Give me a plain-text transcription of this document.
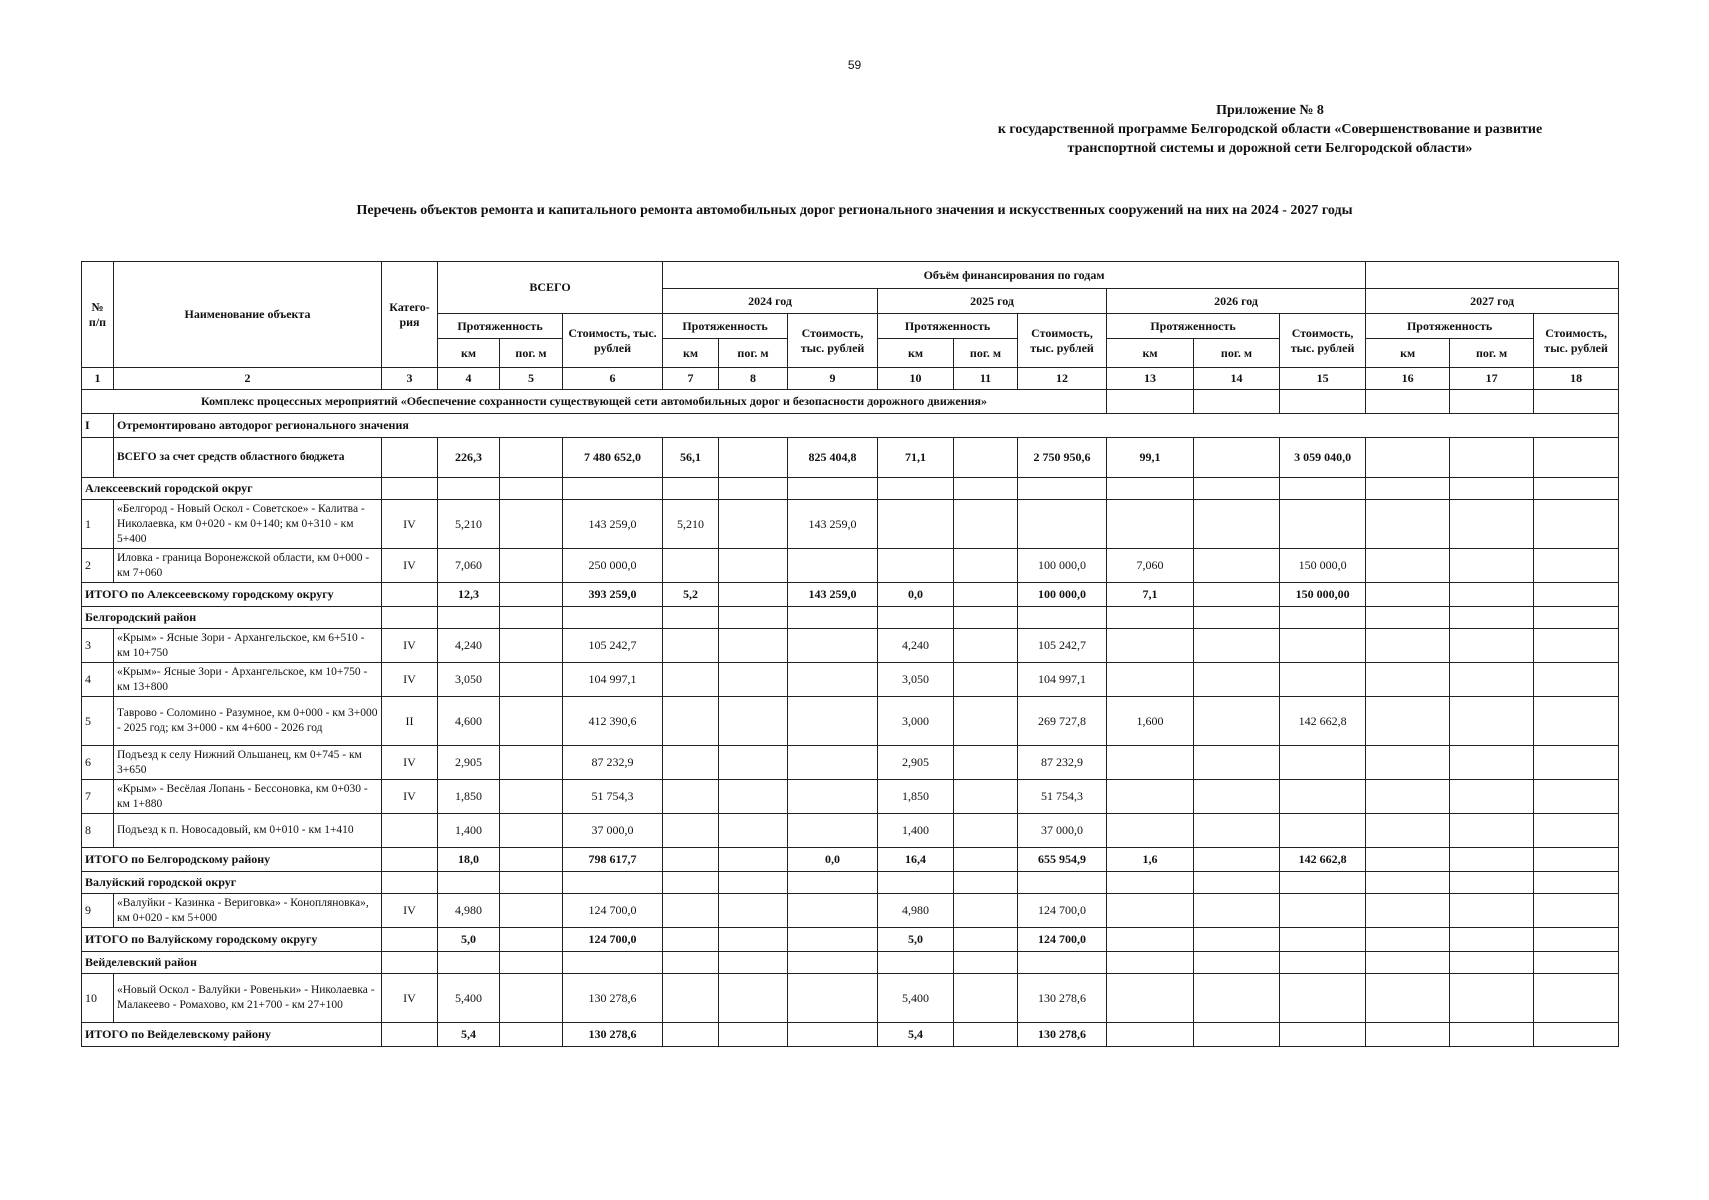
59
Приложение № 8
к государственной программе Белгородской области «Совершенствование и развитие
транспортной системы и дорожной сети Белгородской области»
Перечень объектов ремонта и капитального ремонта автомобильных дорог регионального значения и искусственных сооружений на них на 2024 - 2027 годы
№ п/п	Наименование объекта	Катего- рия	ВСЕГО			Объём финансирования по годам											
						2024 год			2025 год			2026 год			2027 год		
			Протяженность		Стоимость, тыс. рублей	Протяженность		Стоимость, тыс. рублей	Протяженность		Стоимость, тыс. рублей	Протяженность		Стоимость, тыс. рублей	Протяженность		Стоимость, тыс. рублей
			км	пог. м		км	пог. м		км	пог. м		км	пог. м		км	пог. м	
1	2	3	4	5	6	7	8	9	10	11	12	13	14	15	16	17	18
Комплекс процессных мероприятий «Обеспечение сохранности существующей сети автомобильных дорог и безопасности дорожного движения»																	
I	Отремонтировано автодорог регионального значения																
	ВСЕГО за счет средств областного бюджета		226,3		7 480 652,0	56,1		825 404,8	71,1		2 750 950,6	99,1		3 059 040,0			
Алексеевский городской округ																	
1	«Белгород - Новый Оскол - Советское» - Калитва - Николаевка, км 0+020 - км 0+140; км 0+310 - км 5+400	IV	5,210		143 259,0	5,210		143 259,0									
2	Иловка - граница Воронежской области, км 0+000 - км 7+060	IV	7,060		250 000,0						100 000,0	7,060		150 000,0			
ИТОГО по Алексеевскому городскому округу			12,3		393 259,0	5,2		143 259,0	0,0		100 000,0	7,1		150 000,00			
Белгородский район																	
3	«Крым» - Ясные Зори - Архангельское, км 6+510 - км 10+750	IV	4,240		105 242,7				4,240		105 242,7						
4	«Крым»- Ясные Зори - Архангельское, км 10+750 - км 13+800	IV	3,050		104 997,1				3,050		104 997,1						
5	Таврово - Соломино - Разумное, км 0+000 - км 3+000 - 2025 год; км 3+000 - км 4+600 - 2026 год	II	4,600		412 390,6				3,000		269 727,8	1,600		142 662,8			
6	Подъезд к селу Нижний Ольшанец, км 0+745 - км 3+650	IV	2,905		87 232,9				2,905		87 232,9						
7	«Крым» - Весёлая Лопань - Бессоновка, км 0+030 - км 1+880	IV	1,850		51 754,3				1,850		51 754,3						
8	Подъезд к п. Новосадовый, км 0+010 - км 1+410		1,400		37 000,0				1,400		37 000,0						
ИТОГО по Белгородскому району			18,0		798 617,7			0,0	16,4		655 954,9	1,6		142 662,8			
Валуйский городской округ																	
9	«Валуйки - Казинка - Вериговка» - Конопляновка», км 0+020 - км 5+000	IV	4,980		124 700,0				4,980		124 700,0						
ИТОГО по Валуйскому городскому округу			5,0		124 700,0				5,0		124 700,0						
Вейделевский район																	
10	«Новый Оскол - Валуйки - Ровеньки» - Николаевка - Малакеево - Ромахово, км 21+700 - км 27+100	IV	5,400		130 278,6				5,400		130 278,6						
ИТОГО по Вейделевскому району			5,4		130 278,6				5,4		130 278,6						
